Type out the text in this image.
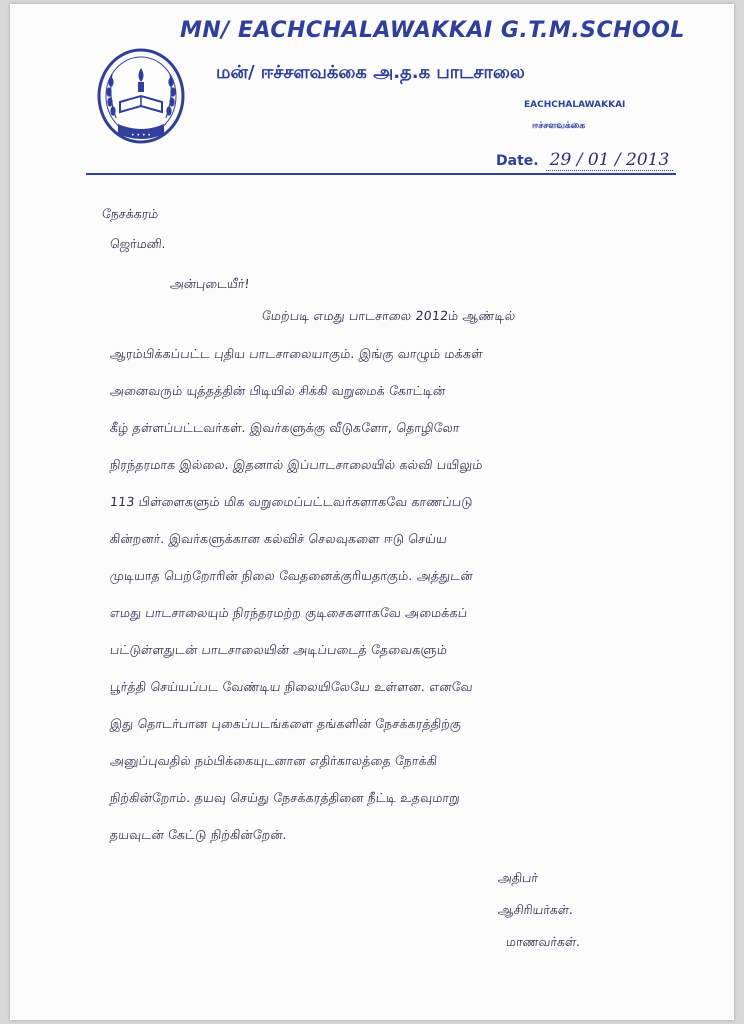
• • • •
MN/ EACHCHALAWAKKAI G.T.M.SCHOOL
மன்/ ஈச்சளவக்கை அ.த.க பாடசாலை
EACHCHALAWAKKAI
ஈச்சளவக்கை
Date. 29 / 01 / 2013
நேசக்கரம்
ஜெர்மனி.
அன்புடையீர்!
மேற்படி எமது பாடசாலை 2012ம் ஆண்டில்
ஆரம்பிக்கப்பட்ட புதிய பாடசாலையாகும். இங்கு வாழும் மக்கள்
அனைவரும் யுத்தத்தின் பிடியில் சிக்கி வறுமைக் கோட்டின்
கீழ் தள்ளப்பட்டவர்கள். இவர்களுக்கு வீடுகளோ, தொழிலோ
நிரந்தரமாக இல்லை. இதனால் இப்பாடசாலையில் கல்வி பயிலும்
113 பிள்ளைகளும் மிக வறுமைப்பட்டவர்களாகவே காணப்படு
கின்றனர். இவர்களுக்கான கல்விச் செலவுகளை ஈடு செய்ய
முடியாத பெற்றோரின் நிலை வேதனைக்குரியதாகும். அத்துடன்
எமது பாடசாலையும் நிரந்தரமற்ற குடிசைகளாகவே அமைக்கப்
பட்டுள்ளதுடன் பாடசாலையின் அடிப்படைத் தேவைகளும்
பூர்த்தி செய்யப்பட வேண்டிய நிலையிலேயே உள்ளன. எனவே
இது தொடர்பான புகைப்படங்களை தங்களின் நேசக்கரத்திற்கு
அனுப்புவதில் நம்பிக்கையுடனான எதிர்காலத்தை நோக்கி
நிற்கின்றோம். தயவு செய்து நேசக்கரத்தினை நீட்டி உதவுமாறு
தயவுடன் கேட்டு நிற்கின்றேன்.
அதிபர்
ஆசிரியர்கள்.
மாணவர்கள்.
